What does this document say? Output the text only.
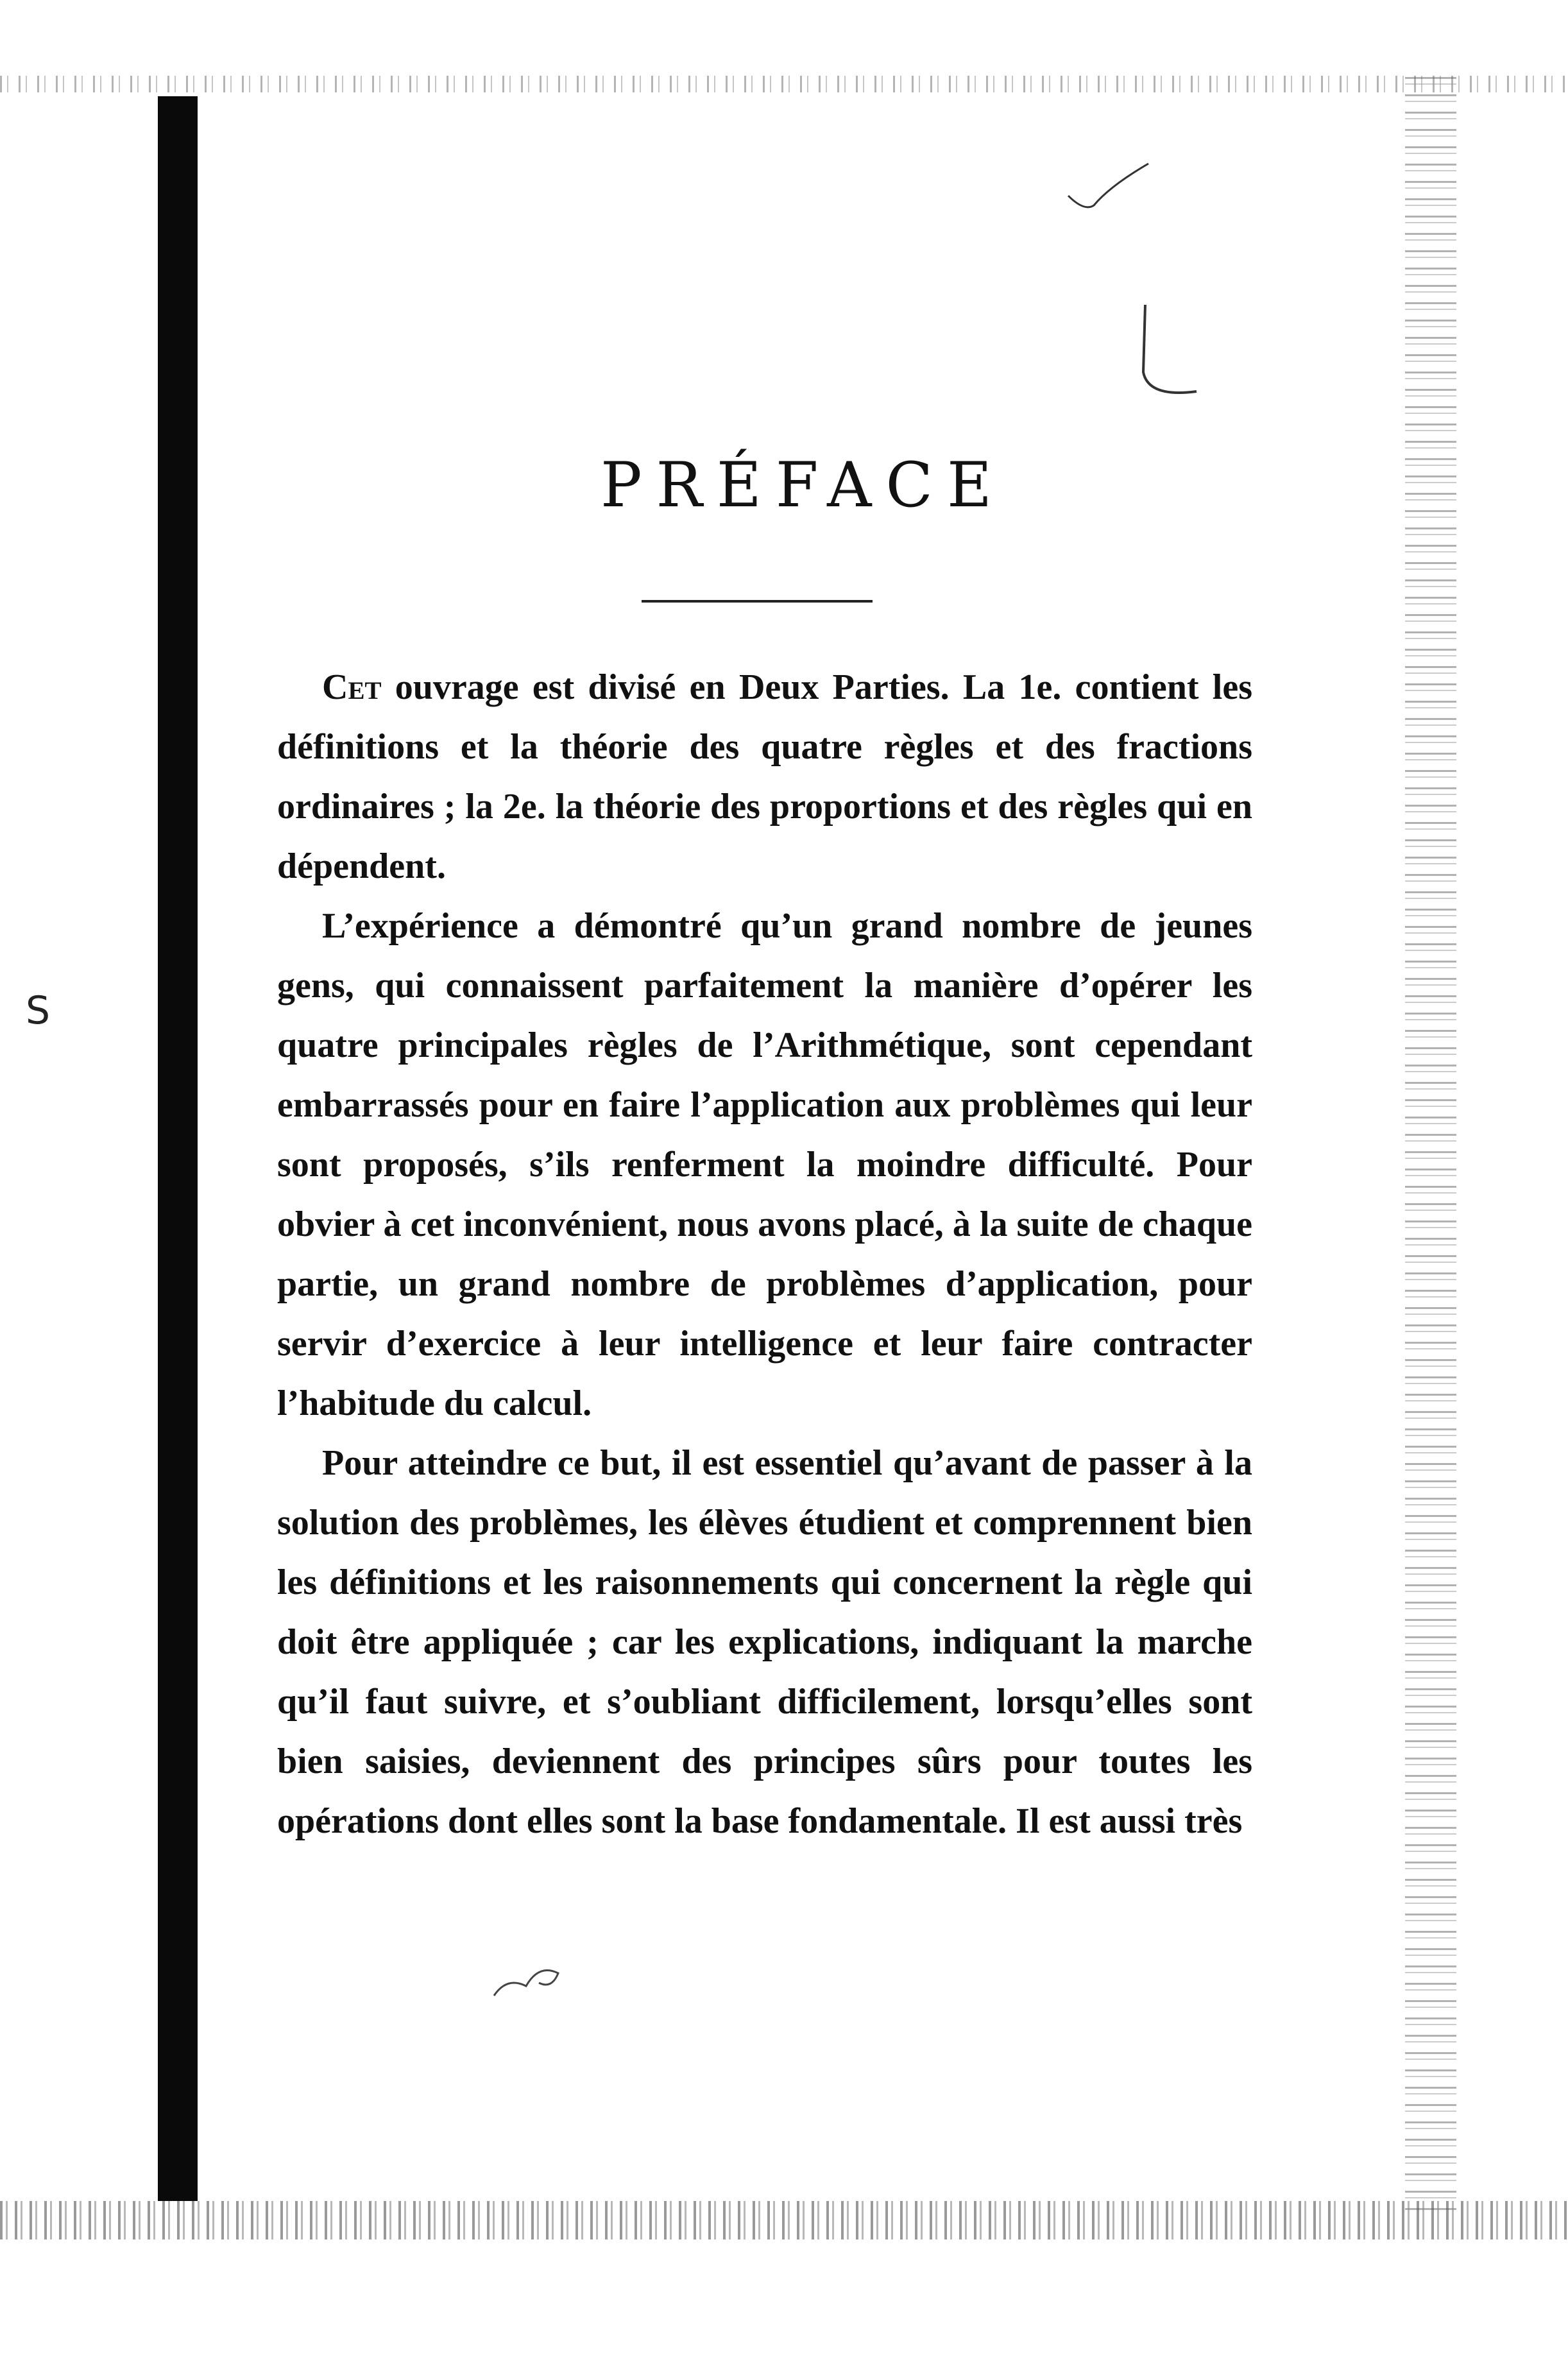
S
PRÉFACE

Cet ouvrage est divisé en Deux Parties. La 1e. contient les définitions et la théorie des quatre règles et des fractions ordinaires ; la 2e. la théorie des proportions et des règles qui en dépendent.

L’expérience a démontré qu’un grand nombre de jeunes gens, qui connaissent parfaitement la manière d’opérer les quatre principales règles de l’Arithmétique, sont cependant embarrassés pour en faire l’application aux problèmes qui leur sont proposés, s’ils renferment la moindre difficulté. Pour obvier à cet inconvénient, nous avons placé, à la suite de chaque partie, un grand nombre de problèmes d’application, pour servir d’exercice à leur intelligence et leur faire contracter l’habitude du calcul.

Pour atteindre ce but, il est essentiel qu’avant de passer à la solution des problèmes, les élèves étudient et comprennent bien les définitions et les raisonnements qui concernent la règle qui doit être appliquée ; car les explications, indiquant la marche qu’il faut suivre, et s’oubliant difficilement, lorsqu’elles sont bien saisies, deviennent des principes sûrs pour toutes les opérations dont elles sont la base fondamentale. Il est aussi très
